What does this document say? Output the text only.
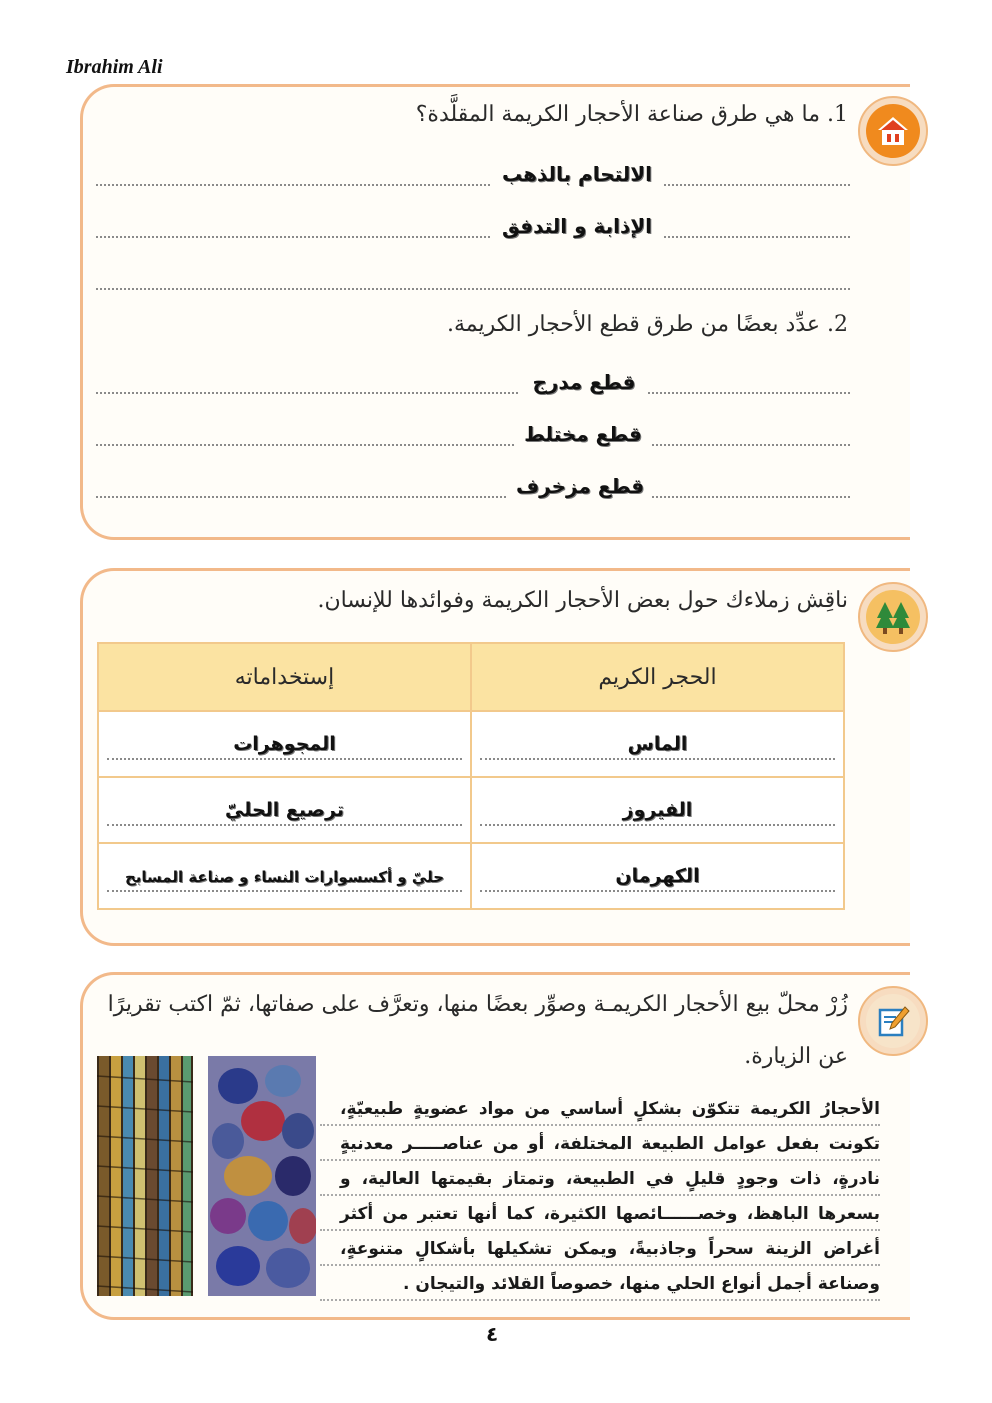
Ibrahim Ali
1. ما هي طرق صناعة الأحجار الكريمة المقلَّدة؟
الالتحام بالذهب
الإذابة و التدفق
2. عدِّد بعضًا من طرق قطع الأحجار الكريمة.
قطع مدرج
قطع مختلط
قطع مزخرف
ناقِش زملاءك حول بعض الأحجار الكريمة وفوائدها للإنسان.
الحجر الكريم	إستخداماته

الماس	المجوهرات

الفيروز	ترصيع الحليّ

الكهرمان	حليّ و أكسسوارات النساء و صناعة المسابح
زُرْ محلّ بيع الأحجار الكريمـة وصوِّر بعضًا منها، وتعرَّف على صفاتها، ثمّ اكتب تقريرًا
عن الزيارة.
الأحجارُ الكريمة تتكوّن بشكلٍ أساسي من مواد عضويةٍ طبيعيّةٍ، تكونت بفعل عوامل الطبيعة المختلفة، أو من عناصـــــر معدنيةٍ نادرةٍ، ذات وجودٍ قليلٍ في الطبيعة، وتمتاز بقيمتها العالية، و بسعرها الباهظ، وخصــــــائصها الكثيرة، كما أنها تعتبر من أكثر أغراض الزينة سحراً وجاذبيةً، ويمكن تشكيلها بأشكالٍ متنوعةٍ، وصناعة أجمل أنواع الحلي منها، خصوصاً القلائد والتيجان .
٤
